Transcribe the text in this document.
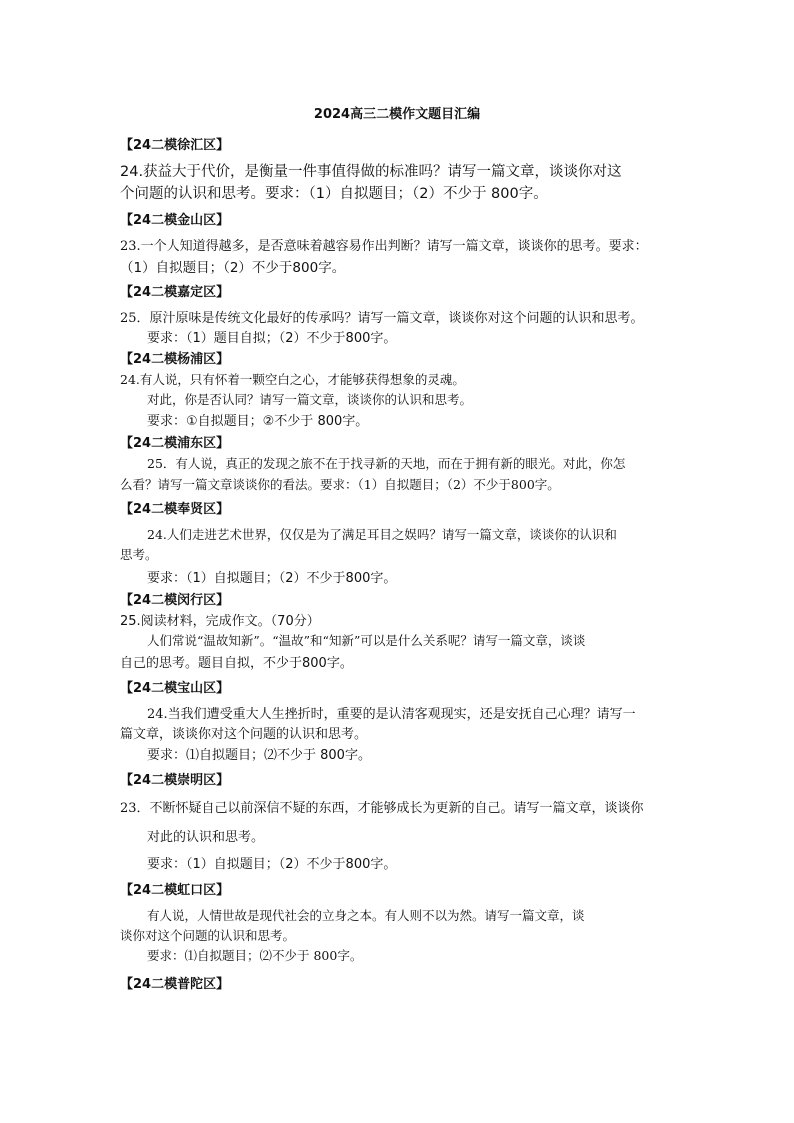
2024高三二模作文题目汇编
【24二模徐汇区】
24.获益大于代价，是衡量一件事值得做的标准吗？请写一篇文章，谈谈你对这
个问题的认识和思考。要求：（1）自拟题目；（2）不少于 800字。
【24二模金山区】
23.一个人知道得越多，是否意味着越容易作出判断？请写一篇文章，谈谈你的思考。要求：
（1）自拟题目；（2）不少于800字。
【24二模嘉定区】
25．原汁原味是传统文化最好的传承吗？请写一篇文章，谈谈你对这个问题的认识和思考。
要求：（1）题目自拟；（2）不少于800字。
【24二模杨浦区】
24.有人说，只有怀着一颗空白之心，才能够获得想象的灵魂。
对此，你是否认同？请写一篇文章，谈谈你的认识和思考。
要求：①自拟题目；②不少于 800字。
【24二模浦东区】
25．有人说，真正的发现之旅不在于找寻新的天地，而在于拥有新的眼光。对此，你怎
么看？请写一篇文章谈谈你的看法。要求：（1）自拟题目；（2）不少于800字。
【24二模奉贤区】
24.人们走进艺术世界，仅仅是为了满足耳目之娱吗？请写一篇文章，谈谈你的认识和
思考。
要求：（1）自拟题目；（2）不少于800字。
【24二模闵行区】
25.阅读材料，完成作文。（70分）
人们常说“温故知新”。“温故”和“知新”可以是什么关系呢？请写一篇文章，谈谈
自己的思考。题目自拟，不少于800字。
【24二模宝山区】
24.当我们遭受重大人生挫折时，重要的是认清客观现实，还是安抚自己心理？请写一
篇文章，谈谈你对这个问题的认识和思考。
要求：⑴自拟题目；⑵不少于 800字。
【24二模崇明区】
23．不断怀疑自己以前深信不疑的东西，才能够成长为更新的自己。请写一篇文章，谈谈你
对此的认识和思考。
要求：（1）自拟题目；（2）不少于800字。
【24二模虹口区】
有人说，人情世故是现代社会的立身之本。有人则不以为然。请写一篇文章，谈
谈你对这个问题的认识和思考。
要求：⑴自拟题目；⑵不少于 800字。
【24二模普陀区】
